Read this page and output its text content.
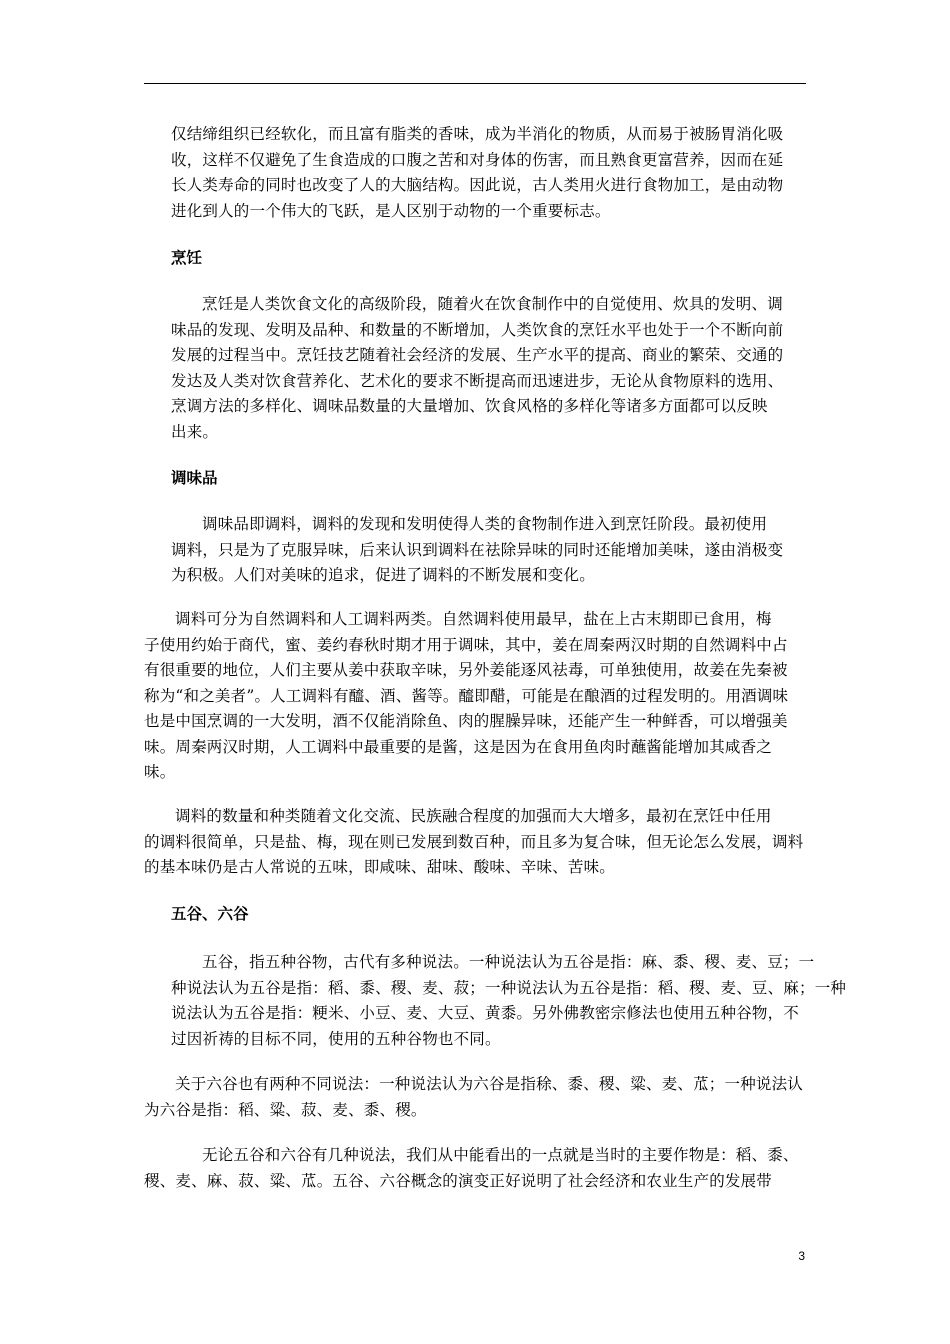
仅结缔组织已经软化，而且富有脂类的香味，成为半消化的物质，从而易于被肠胃消化吸
收，这样不仅避免了生食造成的口腹之苦和对身体的伤害，而且熟食更富营养，因而在延
长人类寿命的同时也改变了人的大脑结构。因此说，古人类用火进行食物加工，是由动物
进化到人的一个伟大的飞跃，是人区别于动物的一个重要标志。
烹饪
烹饪是人类饮食文化的高级阶段，随着火在饮食制作中的自觉使用、炊具的发明、调
味品的发现、发明及品种、和数量的不断增加，人类饮食的烹饪水平也处于一个不断向前
发展的过程当中。烹饪技艺随着社会经济的发展、生产水平的提高、商业的繁荣、交通的
发达及人类对饮食营养化、艺术化的要求不断提高而迅速进步，无论从食物原料的选用、
烹调方法的多样化、调味品数量的大量增加、饮食风格的多样化等诸多方面都可以反映
出来。
调味品
调味品即调料，调料的发现和发明使得人类的食物制作进入到烹饪阶段。最初使用
调料，只是为了克服异味，后来认识到调料在祛除异味的同时还能增加美味，遂由消极变
为积极。人们对美味的追求，促进了调料的不断发展和变化。
调料可分为自然调料和人工调料两类。自然调料使用最早，盐在上古末期即已食用，梅
子使用约始于商代，蜜、姜约春秋时期才用于调味，其中，姜在周秦两汉时期的自然调料中占
有很重要的地位，人们主要从姜中获取辛味，另外姜能逐风祛毒，可单独使用，故姜在先秦被
称为“和之美者”。人工调料有醯、酒、酱等。醯即醋，可能是在酿酒的过程发明的。用酒调味
也是中国烹调的一大发明，酒不仅能消除鱼、肉的腥臊异味，还能产生一种鲜香，可以增强美
味。周秦两汉时期，人工调料中最重要的是酱，这是因为在食用鱼肉时蘸酱能增加其咸香之
味。
调料的数量和种类随着文化交流、民族融合程度的加强而大大增多，最初在烹饪中任用
的调料很简单，只是盐、梅，现在则已发展到数百种，而且多为复合味，但无论怎么发展，调料
的基本味仍是古人常说的五味，即咸味、甜味、酸味、辛味、苦味。
五谷、六谷
五谷，指五种谷物，古代有多种说法。一种说法认为五谷是指：麻、黍、稷、麦、豆；一
种说法认为五谷是指：稻、黍、稷、麦、菽；一种说法认为五谷是指：稻、稷、麦、豆、麻；一种
说法认为五谷是指：粳米、小豆、麦、大豆、黄黍。另外佛教密宗修法也使用五种谷物，不
过因祈祷的目标不同，使用的五种谷物也不同。
关于六谷也有两种不同说法：一种说法认为六谷是指稌、黍、稷、粱、麦、苽；一种说法认
为六谷是指：稻、粱、菽、麦、黍、稷。
无论五谷和六谷有几种说法，我们从中能看出的一点就是当时的主要作物是：稻、黍、
稷、麦、麻、菽、粱、苽。五谷、六谷概念的演变正好说明了社会经济和农业生产的发展带
3
